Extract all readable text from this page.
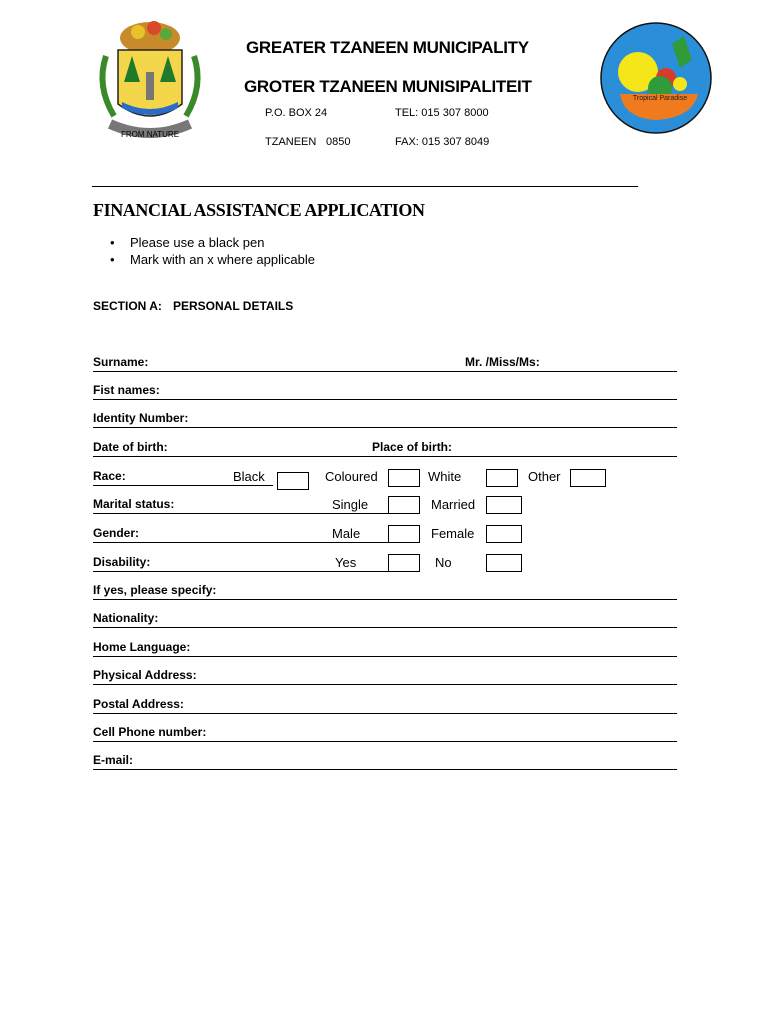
FROM NATURE
Tropical Paradise
GREATER TZANEEN MUNICIPALITY
GROTER TZANEEN MUNISIPALITEIT
P.O. BOX 24	TEL: 015 307 8000
TZANEEN 0850	FAX: 015 307 8049
FINANCIAL ASSISTANCE APPLICATION
• Please use a black pen
• Mark with an x where applicable
SECTION A: PERSONAL DETAILS
Surname:	Mr. /Miss/Ms:
Fist names:
Identity Number:
Date of birth:	Place of birth:
Race:	Black	Coloured	White	Other
Marital status:	Single	Married
Gender:	Male	Female
Disability:	Yes	No
If yes, please specify:
Nationality:
Home Language:
Physical Address:
Postal Address:
Cell Phone number:
E-mail:
